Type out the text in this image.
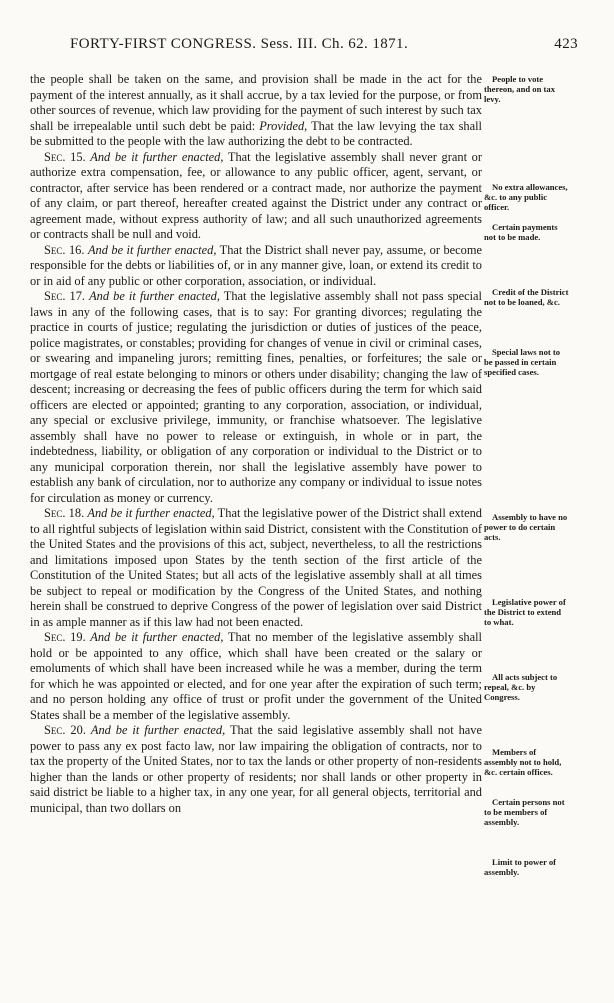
FORTY-FIRST CONGRESS. Sess. III. Ch. 62. 1871.	423

the people shall be taken on the same, and provision shall be made in the act for the payment of the interest annually, as it shall accrue, by a tax levied for the purpose, or from other sources of revenue, which law providing for the payment of such interest by such tax shall be irrepealable until such debt be paid: Provided, That the law levying the tax shall be submitted to the people with the law authorizing the debt to be contracted.

Sec. 15. And be it further enacted, That the legislative assembly shall never grant or authorize extra compensation, fee, or allowance to any public officer, agent, servant, or contractor, after service has been rendered or a contract made, nor authorize the payment of any claim, or part thereof, hereafter created against the District under any contract or agreement made, without express authority of law; and all such unauthorized agreements or contracts shall be null and void.

Sec. 16. And be it further enacted, That the District shall never pay, assume, or become responsible for the debts or liabilities of, or in any manner give, loan, or extend its credit to or in aid of any public or other corporation, association, or individual.

Sec. 17. And be it further enacted, That the legislative assembly shall not pass special laws in any of the following cases, that is to say: For granting divorces; regulating the practice in courts of justice; regulating the jurisdiction or duties of justices of the peace, police magistrates, or constables; providing for changes of venue in civil or criminal cases, or swearing and impaneling jurors; remitting fines, penalties, or forfeitures; the sale or mortgage of real estate belonging to minors or others under disability; changing the law of descent; increasing or decreasing the fees of public officers during the term for which said officers are elected or appointed; granting to any corporation, association, or individual, any special or exclusive privilege, immunity, or franchise whatsoever. The legislative assembly shall have no power to release or extinguish, in whole or in part, the indebtedness, liability, or obligation of any corporation or individual to the District or to any municipal corporation therein, nor shall the legislative assembly have power to establish any bank of circulation, nor to authorize any company or individual to issue notes for circulation as money or currency.

Sec. 18. And be it further enacted, That the legislative power of the District shall extend to all rightful subjects of legislation within said District, consistent with the Constitution of the United States and the provisions of this act, subject, nevertheless, to all the restrictions and limitations imposed upon States by the tenth section of the first article of the Constitution of the United States; but all acts of the legislative assembly shall at all times be subject to repeal or modification by the Congress of the United States, and nothing herein shall be construed to deprive Congress of the power of legislation over said District in as ample manner as if this law had not been enacted.

Sec. 19. And be it further enacted, That no member of the legislative assembly shall hold or be appointed to any office, which shall have been created or the salary or emoluments of which shall have been increased while he was a member, during the term for which he was appointed or elected, and for one year after the expiration of such term; and no person holding any office of trust or profit under the government of the United States shall be a member of the legislative assembly.

Sec. 20. And be it further enacted, That the said legislative assembly shall not have power to pass any ex post facto law, nor law impairing the obligation of contracts, nor to tax the property of the United States, nor to tax the lands or other property of non-residents higher than the lands or other property of residents; nor shall lands or other property in said district be liable to a higher tax, in any one year, for all general objects, territorial and municipal, than two dollars on

People to vote thereon, and on tax levy.
No extra allowances, &c. to any public officer.
Certain payments not to be made.
Credit of the District not to be loaned, &c.
Special laws not to be passed in certain specified cases.
Assembly to have no power to do certain acts.
Legislative power of the District to extend to what.
All acts subject to repeal, &c. by Congress.
Members of assembly not to hold, &c. certain offices.
Certain persons not to be members of assembly.
Limit to power of assembly.
